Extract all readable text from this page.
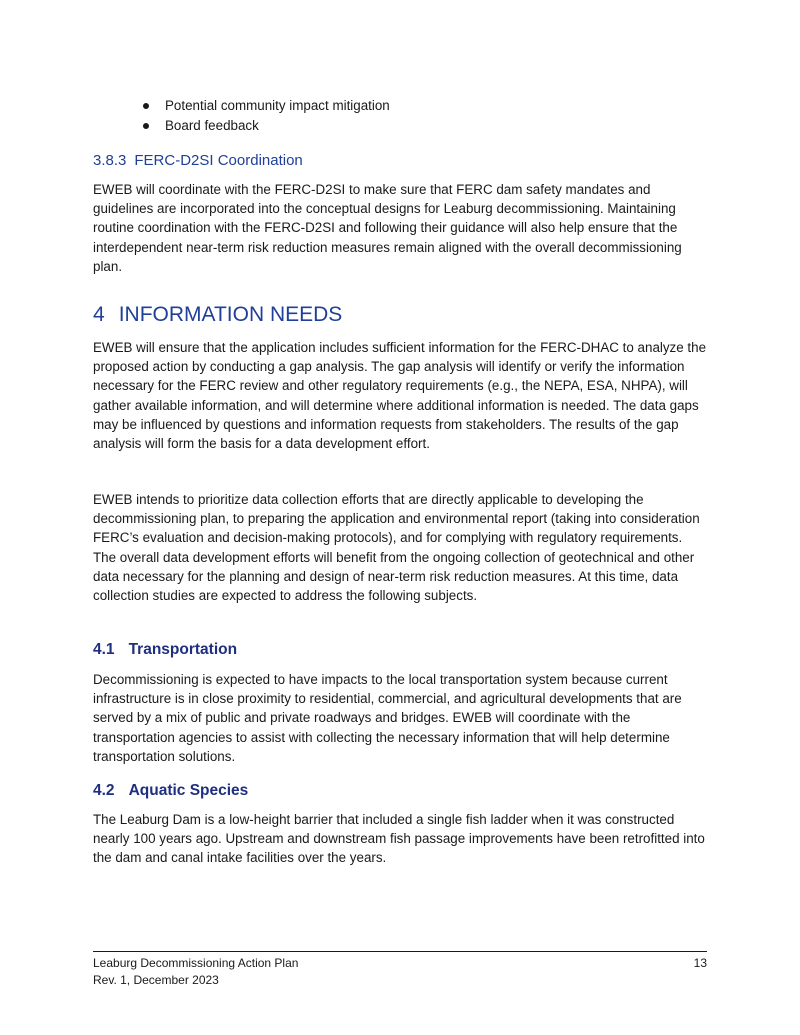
Potential community impact mitigation
Board feedback
3.8.3 FERC-D2SI Coordination

EWEB will coordinate with the FERC-D2SI to make sure that FERC dam safety mandates and guidelines are incorporated into the conceptual designs for Leaburg decommissioning. Maintaining routine coordination with the FERC-D2SI and following their guidance will also help ensure that the interdependent near-term risk reduction measures remain aligned with the overall decommissioning plan.

4 INFORMATION NEEDS

EWEB will ensure that the application includes sufficient information for the FERC-DHAC to analyze the proposed action by conducting a gap analysis. The gap analysis will identify or verify the information necessary for the FERC review and other regulatory requirements (e.g., the NEPA, ESA, NHPA), will gather available information, and will determine where additional information is needed. The data gaps may be influenced by questions and information requests from stakeholders. The results of the gap analysis will form the basis for a data development effort.

EWEB intends to prioritize data collection efforts that are directly applicable to developing the decommissioning plan, to preparing the application and environmental report (taking into consideration FERC’s evaluation and decision-making protocols), and for complying with regulatory requirements. The overall data development efforts will benefit from the ongoing collection of geotechnical and other data necessary for the planning and design of near-term risk reduction measures. At this time, data collection studies are expected to address the following subjects.

4.1 Transportation

Decommissioning is expected to have impacts to the local transportation system because current infrastructure is in close proximity to residential, commercial, and agricultural developments that are served by a mix of public and private roadways and bridges. EWEB will coordinate with the transportation agencies to assist with collecting the necessary information that will help determine transportation solutions.

4.2 Aquatic Species

The Leaburg Dam is a low-height barrier that included a single fish ladder when it was constructed nearly 100 years ago. Upstream and downstream fish passage improvements have been retrofitted into the dam and canal intake facilities over the years.

Leaburg Decommissioning Action Plan
Rev. 1, December 2023
13
